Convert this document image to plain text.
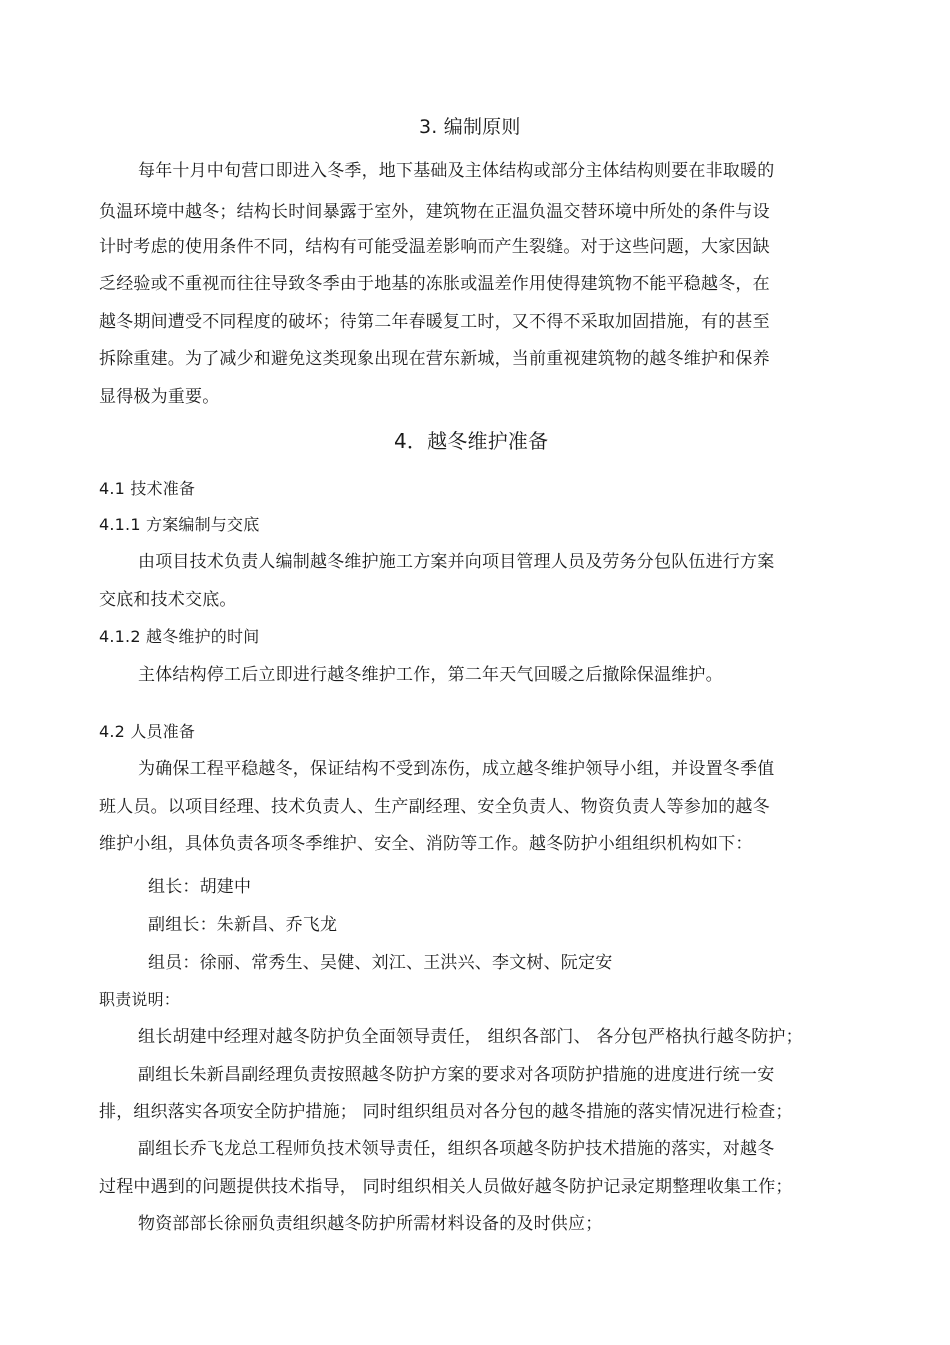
3. 编制原则
每年十月中旬营口即进入冬季，地下基础及主体结构或部分主体结构则要在非取暖的
负温环境中越冬；结构长时间暴露于室外，建筑物在正温负温交替环境中所处的条件与设
计时考虑的使用条件不同，结构有可能受温差影响而产生裂缝。对于这些问题，大家因缺
乏经验或不重视而往往导致冬季由于地基的冻胀或温差作用使得建筑物不能平稳越冬，在
越冬期间遭受不同程度的破坏；待第二年春暖复工时，又不得不采取加固措施，有的甚至
拆除重建。为了减少和避免这类现象出现在营东新城，当前重视建筑物的越冬维护和保养
显得极为重要。
4．越冬维护准备
4.1 技术准备
4.1.1 方案编制与交底
由项目技术负责人编制越冬维护施工方案并向项目管理人员及劳务分包队伍进行方案
交底和技术交底。
4.1.2 越冬维护的时间
主体结构停工后立即进行越冬维护工作，第二年天气回暖之后撤除保温维护。
4.2 人员准备
为确保工程平稳越冬，保证结构不受到冻伤，成立越冬维护领导小组，并设置冬季值
班人员。以项目经理、技术负责人、生产副经理、安全负责人、物资负责人等参加的越冬
维护小组，具体负责各项冬季维护、安全、消防等工作。越冬防护小组组织机构如下：
组长：胡建中
副组长：朱新昌、乔飞龙
组员：徐丽、常秀生、吴健、刘江、王洪兴、李文树、阮定安
职责说明：
组长胡建中经理对越冬防护负全面领导责任， 组织各部门、 各分包严格执行越冬防护；
副组长朱新昌副经理负责按照越冬防护方案的要求对各项防护措施的进度进行统一安
排，组织落实各项安全防护措施； 同时组织组员对各分包的越冬措施的落实情况进行检查；
副组长乔飞龙总工程师负技术领导责任，组织各项越冬防护技术措施的落实，对越冬
过程中遇到的问题提供技术指导， 同时组织相关人员做好越冬防护记录定期整理收集工作；
物资部部长徐丽负责组织越冬防护所需材料设备的及时供应；
